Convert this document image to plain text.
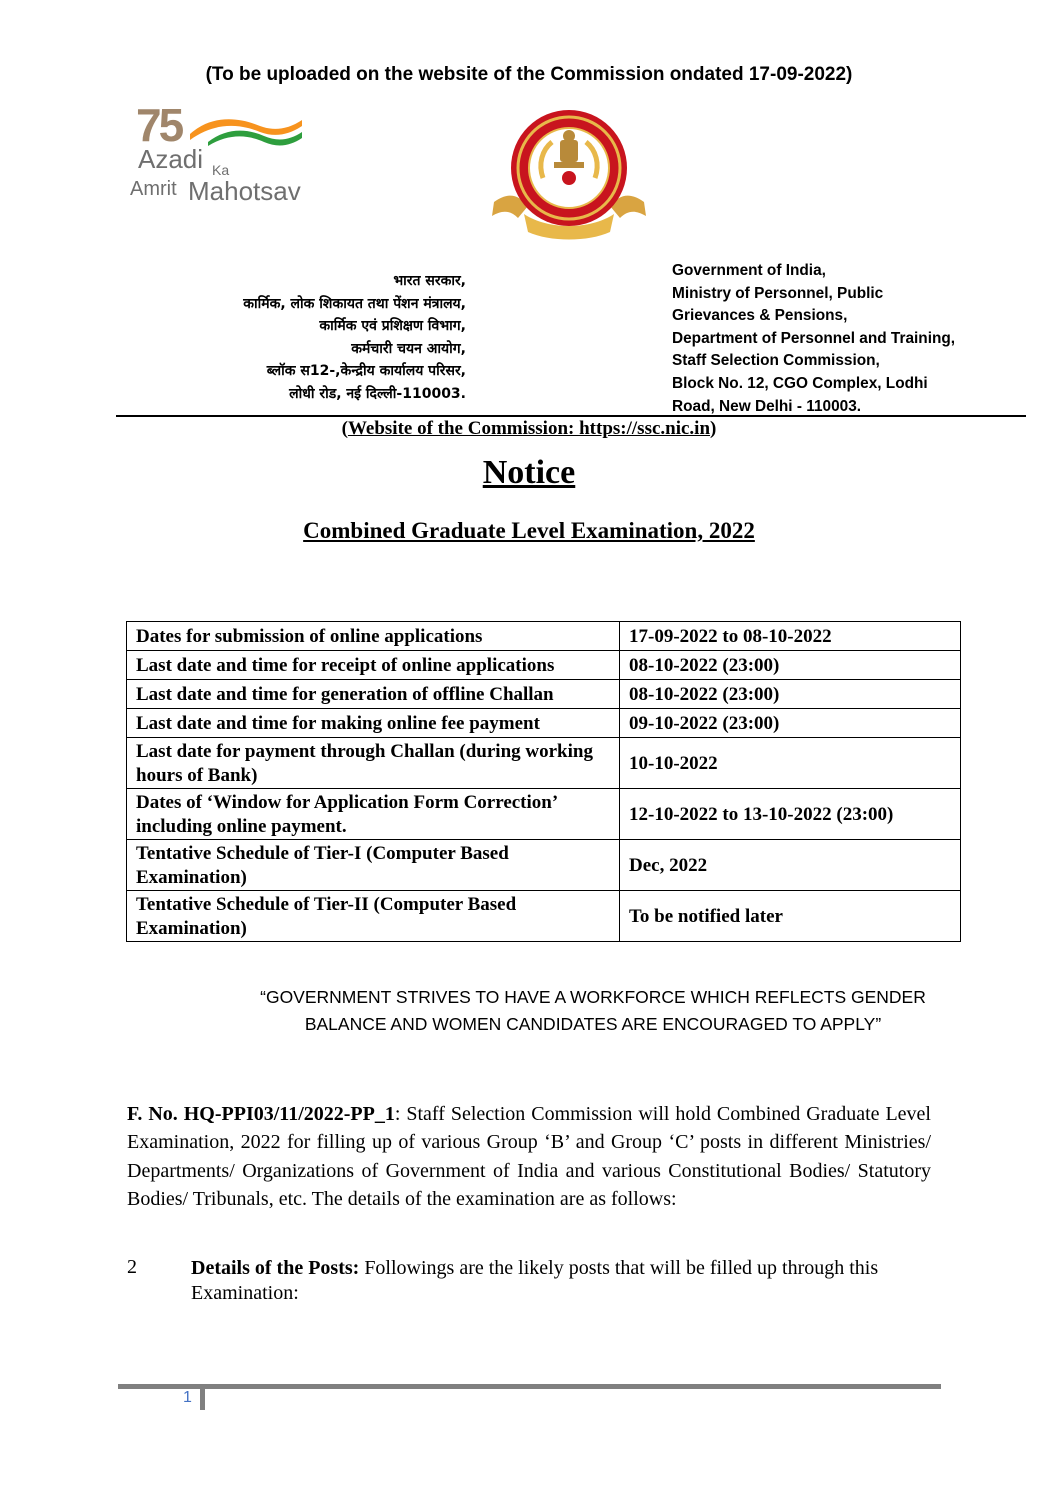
(To be uploaded on the website of the Commission ondated 17-09-2022)
75
Azadi Ka
Amrit Mahotsav
भारत सरकार,
कार्मिक, लोक शिकायत तथा पेंशन मंत्रालय,
कार्मिक एवं प्रशिक्षण विभाग,
कर्मचारी चयन आयोग,
ब्लॉक स12-,केन्द्रीय कार्यालय परिसर,
लोधी रोड, नई दिल्ली-110003.
Government of India,
Ministry of Personnel, Public
Grievances & Pensions,
Department of Personnel and Training,
Staff Selection Commission,
Block No. 12, CGO Complex, Lodhi
Road, New Delhi - 110003.
(Website of the Commission: https://ssc.nic.in)
Notice
Combined Graduate Level Examination, 2022
Dates for submission of online applications	17-09-2022 to 08-10-2022
Last date and time for receipt of online applications	08-10-2022 (23:00)
Last date and time for generation of offline Challan	08-10-2022 (23:00)
Last date and time for making online fee payment	09-10-2022 (23:00)
Last date for payment through Challan (during working hours of Bank)	10-10-2022
Dates of ‘Window for Application Form Correction’ including online payment.	12-10-2022 to 13-10-2022 (23:00)
Tentative Schedule of Tier-I (Computer Based Examination)	Dec, 2022
Tentative Schedule of Tier-II (Computer Based Examination)	To be notified later
“GOVERNMENT STRIVES TO HAVE A WORKFORCE WHICH REFLECTS GENDER
BALANCE AND WOMEN CANDIDATES ARE ENCOURAGED TO APPLY”
F. No. HQ-PPI03/11/2022-PP_1: Staff Selection Commission will hold Combined Graduate Level Examination, 2022 for filling up of various Group ‘B’ and Group ‘C’ posts in different Ministries/ Departments/ Organizations of Government of India and various Constitutional Bodies/ Statutory Bodies/ Tribunals, etc. The details of the examination are as follows:
2	Details of the Posts: Followings are the likely posts that will be filled up through this Examination:
1
